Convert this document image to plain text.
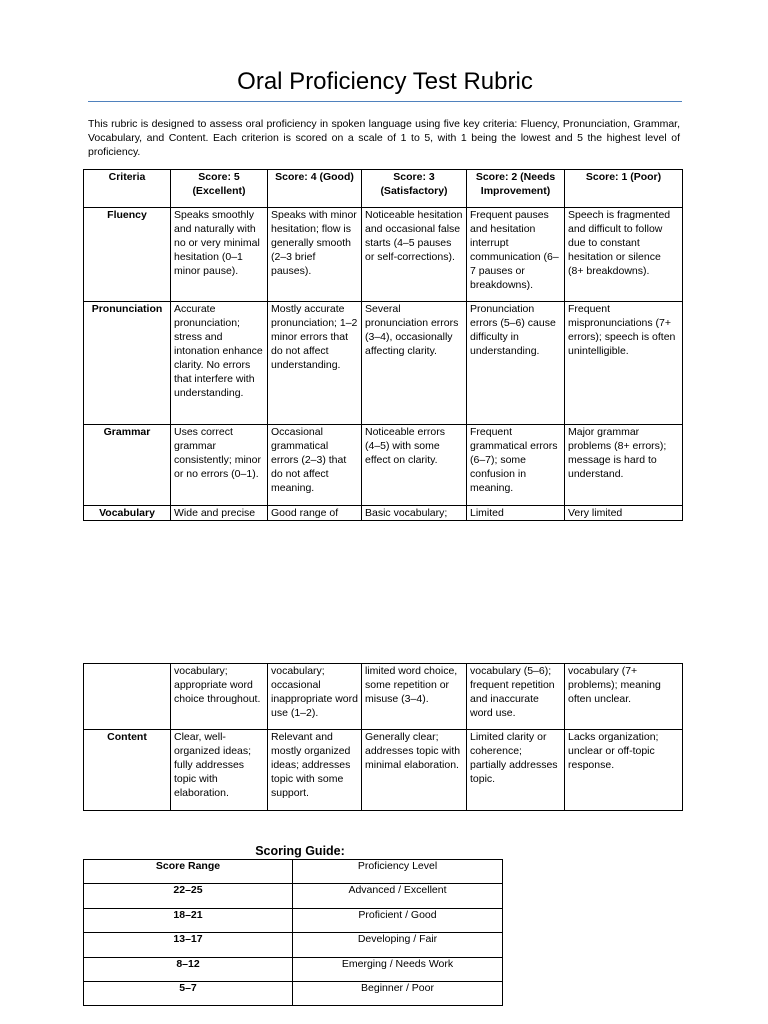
Oral Proficiency Test Rubric

This rubric is designed to assess oral proficiency in spoken language using five key criteria: Fluency, Pronunciation, Grammar, Vocabulary, and Content. Each criterion is scored on a scale of 1 to 5, with 1 being the lowest and 5 the highest level of proficiency.

Criteria	Score: 5 (Excellent)	Score: 4 (Good)	Score: 3 (Satisfactory)	Score: 2 (Needs Improvement)	Score: 1 (Poor)
Fluency	Speaks smoothly and naturally with no or very minimal hesitation (0–1 minor pause).	Speaks with minor hesitation; flow is generally smooth (2–3 brief pauses).	Noticeable hesitation and occasional false starts (4–5 pauses or self-corrections).	Frequent pauses and hesitation interrupt communication (6–7 pauses or breakdowns).	Speech is fragmented and difficult to follow due to constant hesitation or silence (8+ breakdowns).
Pronunciation	Accurate pronunciation; stress and intonation enhance clarity. No errors that interfere with understanding.	Mostly accurate pronunciation; 1–2 minor errors that do not affect understanding.	Several pronunciation errors (3–4), occasionally affecting clarity.	Pronunciation errors (5–6) cause difficulty in understanding.	Frequent mispronunciations (7+ errors); speech is often unintelligible.
Grammar	Uses correct grammar consistently; minor or no errors (0–1).	Occasional grammatical errors (2–3) that do not affect meaning.	Noticeable errors (4–5) with some effect on clarity.	Frequent grammatical errors (6–7); some confusion in meaning.	Major grammar problems (8+ errors); message is hard to understand.
Vocabulary	Wide and precise	Good range of	Basic vocabulary;	Limited	Very limited
	vocabulary; appropriate word choice throughout.	vocabulary; occasional inappropriate word use (1–2).	limited word choice, some repetition or misuse (3–4).	vocabulary (5–6); frequent repetition and inaccurate word use.	vocabulary (7+ problems); meaning often unclear.
Content	Clear, well-organized ideas; fully addresses topic with elaboration.	Relevant and mostly organized ideas; addresses topic with some support.	Generally clear; addresses topic with minimal elaboration.	Limited clarity or coherence; partially addresses topic.	Lacks organization; unclear or off-topic response.
Scoring Guide:
Score Range	Proficiency Level
22–25	Advanced / Excellent
18–21	Proficient / Good
13–17	Developing / Fair
8–12	Emerging / Needs Work
5–7	Beginner / Poor
